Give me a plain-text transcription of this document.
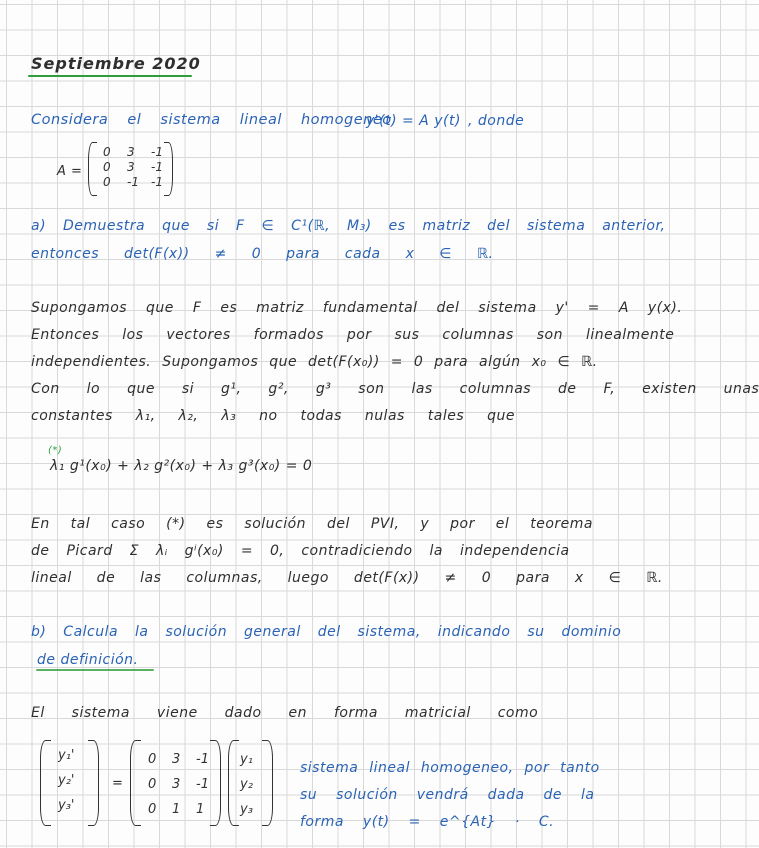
Septiembre 2020
Considera el sistema lineal homogeneo
y'(t) = A y(t) , donde
A =
0 3 -1
0 3 -1
0 -1 -1
a) Demuestra que si F ∈ C¹(ℝ, M₃) es matriz del sistema anterior,
entonces det(F(x)) ≠ 0 para cada x ∈ ℝ.
Supongamos que F es matriz fundamental del sistema y' = A y(x).
Entonces los vectores formados por sus columnas son linealmente
independientes. Supongamos que det(F(x₀)) = 0 para algún x₀ ∈ ℝ.
Con lo que si g¹, g², g³ son las columnas de F, existen unas
constantes λ₁, λ₂, λ₃ no todas nulas tales que
(*)
λ₁ g¹(x₀) + λ₂ g²(x₀) + λ₃ g³(x₀) = 0
En tal caso (*) es solución del PVI, y por el teorema
de Picard Σ λᵢ gⁱ(x₀) = 0, contradiciendo la independencia
lineal de las columnas, luego det(F(x)) ≠ 0 para x ∈ ℝ.
b) Calcula la solución general del sistema, indicando su dominio
de definición.
El sistema viene dado en forma matricial como
y₁'
y₂'
y₃'
=
0 3 -1
0 3 -1
0 1 1
y₁
y₂
y₃
sistema lineal homogeneo, por tanto
su solución vendrá dada de la
forma y(t) = e^{At} · C.
